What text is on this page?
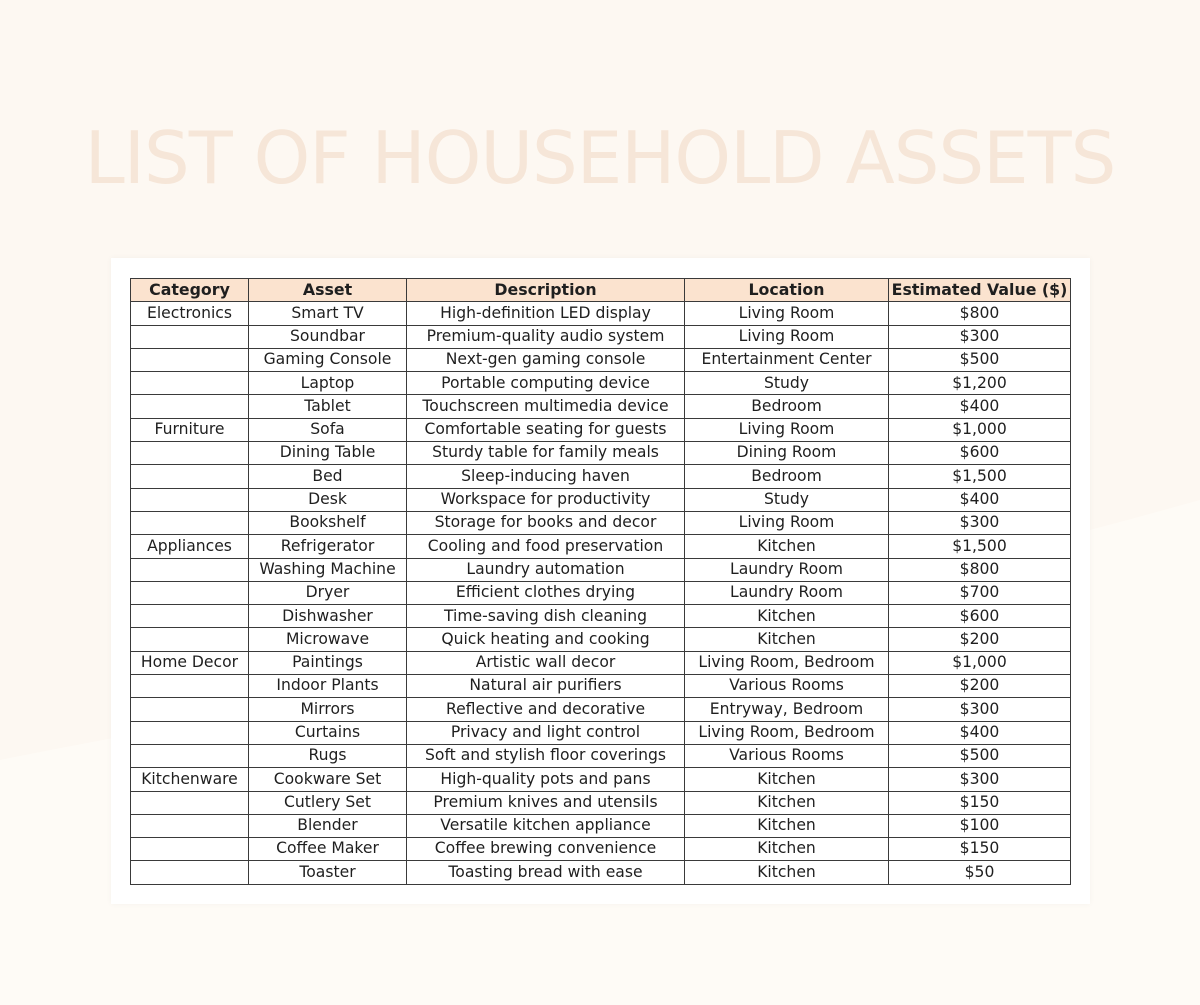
LIST OF HOUSEHOLD ASSETS
Category	Asset	Description	Location	Estimated Value ($)
Electronics	Smart TV	High-definition LED display	Living Room	$800
	Soundbar	Premium-quality audio system	Living Room	$300
	Gaming Console	Next-gen gaming console	Entertainment Center	$500
	Laptop	Portable computing device	Study	$1,200
	Tablet	Touchscreen multimedia device	Bedroom	$400
Furniture	Sofa	Comfortable seating for guests	Living Room	$1,000
	Dining Table	Sturdy table for family meals	Dining Room	$600
	Bed	Sleep-inducing haven	Bedroom	$1,500
	Desk	Workspace for productivity	Study	$400
	Bookshelf	Storage for books and decor	Living Room	$300
Appliances	Refrigerator	Cooling and food preservation	Kitchen	$1,500
	Washing Machine	Laundry automation	Laundry Room	$800
	Dryer	Efficient clothes drying	Laundry Room	$700
	Dishwasher	Time-saving dish cleaning	Kitchen	$600
	Microwave	Quick heating and cooking	Kitchen	$200
Home Decor	Paintings	Artistic wall decor	Living Room, Bedroom	$1,000
	Indoor Plants	Natural air purifiers	Various Rooms	$200
	Mirrors	Reflective and decorative	Entryway, Bedroom	$300
	Curtains	Privacy and light control	Living Room, Bedroom	$400
	Rugs	Soft and stylish floor coverings	Various Rooms	$500
Kitchenware	Cookware Set	High-quality pots and pans	Kitchen	$300
	Cutlery Set	Premium knives and utensils	Kitchen	$150
	Blender	Versatile kitchen appliance	Kitchen	$100
	Coffee Maker	Coffee brewing convenience	Kitchen	$150
	Toaster	Toasting bread with ease	Kitchen	$50
